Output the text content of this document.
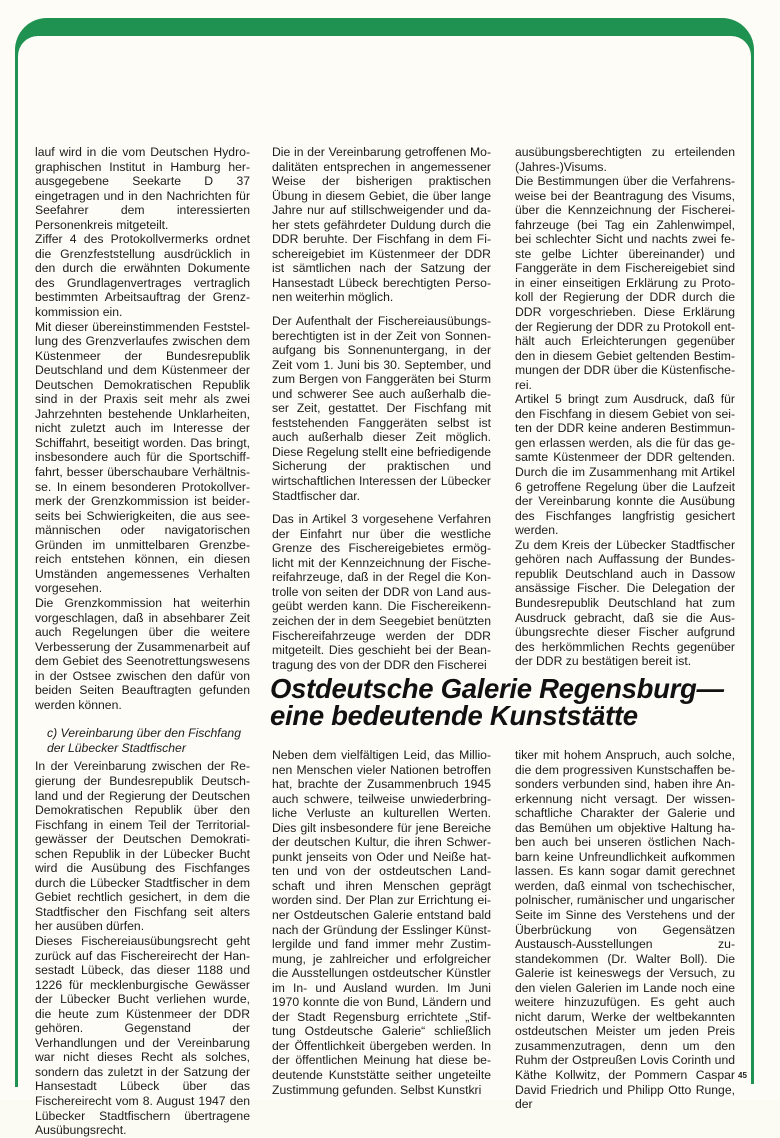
lauf wird in die vom Deutschen Hydrographischen Institut in Hamburg herausgegebene Seekarte D 37 eingetragen und in den Nachrichten für Seefahrer dem interessierten Personenkreis mitgeteilt.

Ziffer 4 des Protokollvermerks ordnet die Grenzfeststellung ausdrücklich in den durch die erwähnten Dokumente des Grundlagenvertrages vertraglich bestimmten Arbeitsauftrag der Grenzkommission ein.

Mit dieser übereinstimmenden Feststellung des Grenzverlaufes zwischen dem Küstenmeer der Bundesrepublik Deutschland und dem Küstenmeer der Deutschen Demokratischen Republik sind in der Praxis seit mehr als zwei Jahrzehnten bestehende Unklarheiten, nicht zuletzt auch im Interesse der Schiffahrt, beseitigt worden. Das bringt, insbesondere auch für die Sportschifffahrt, besser überschaubare Verhältnisse. In einem besonderen Protokollvermerk der Grenzkommission ist beiderseits bei Schwierigkeiten, die aus seemännischen oder navigatorischen Gründen im unmittelbaren Grenzbereich entstehen können, ein diesen Umständen angemessenes Verhalten vorgesehen.

Die Grenzkommission hat weiterhin vorgeschlagen, daß in absehbarer Zeit auch Regelungen über die weitere Verbesserung der Zusammenarbeit auf dem Gebiet des Seenotrettungswesens in der Ostsee zwischen den dafür von beiden Seiten Beauftragten gefunden werden können.

c) Vereinbarung über den Fischfang der Lübecker Stadtfischer

In der Vereinbarung zwischen der Regierung der Bundesrepublik Deutschland und der Regierung der Deutschen Demokratischen Republik über den Fischfang in einem Teil der Territorialgewässer der Deutschen Demokratischen Republik in der Lübecker Bucht wird die Ausübung des Fischfanges durch die Lübecker Stadtfischer in dem Gebiet rechtlich gesichert, in dem die Stadtfischer den Fischfang seit alters her ausüben dürfen.

Dieses Fischereiausübungsrecht geht zurück auf das Fischereirecht der Hansestadt Lübeck, das dieser 1188 und 1226 für mecklenburgische Gewässer der Lübecker Bucht verliehen wurde, die heute zum Küstenmeer der DDR gehören. Gegenstand der Verhandlungen und der Vereinbarung war nicht dieses Recht als solches, sondern das zuletzt in der Satzung der Hansestadt Lübeck über das Fischereirecht vom 8. August 1947 den Lübecker Stadtfischern übertragene Ausübungsrecht.

Die in der Vereinbarung getroffenen Modalitäten entsprechen in angemessener Weise der bisherigen praktischen Übung in diesem Gebiet, die über lange Jahre nur auf stillschweigender und daher stets gefährdeter Duldung durch die DDR beruhte. Der Fischfang in dem Fischereigebiet im Küstenmeer der DDR ist sämtlichen nach der Satzung der Hansestadt Lübeck berechtigten Personen weiterhin möglich.

Der Aufenthalt der Fischereiausübungsberechtigten ist in der Zeit von Sonnenaufgang bis Sonnenuntergang, in der Zeit vom 1. Juni bis 30. September, und zum Bergen von Fanggeräten bei Sturm und schwerer See auch außerhalb dieser Zeit, gestattet. Der Fischfang mit feststehenden Fanggeräten selbst ist auch außerhalb dieser Zeit möglich. Diese Regelung stellt eine befriedigende Sicherung der praktischen und wirtschaftlichen Interessen der Lübecker Stadtfischer dar.

Das in Artikel 3 vorgesehene Verfahren der Einfahrt nur über die westliche Grenze des Fischereigebietes ermöglicht mit der Kennzeichnung der Fischereifahrzeuge, daß in der Regel die Kontrolle von seiten der DDR von Land ausgeübt werden kann. Die Fischereikennzeichen der in dem Seegebiet benützten Fischereifahrzeuge werden der DDR mitgeteilt. Dies geschieht bei der Beantragung des von der DDR den Fischerei

ausübungsberechtigten zu erteilenden (Jahres-)Visums.

Die Bestimmungen über die Verfahrensweise bei der Beantragung des Visums, über die Kennzeichnung der Fischereifahrzeuge (bei Tag ein Zahlenwimpel, bei schlechter Sicht und nachts zwei feste gelbe Lichter übereinander) und Fanggeräte in dem Fischereigebiet sind in einer einseitigen Erklärung zu Protokoll der Regierung der DDR durch die DDR vorgeschrieben. Diese Erklärung der Regierung der DDR zu Protokoll enthält auch Erleichterungen gegenüber den in diesem Gebiet geltenden Bestimmungen der DDR über die Küstenfischerei.

Artikel 5 bringt zum Ausdruck, daß für den Fischfang in diesem Gebiet von seiten der DDR keine anderen Bestimmungen erlassen werden, als die für das gesamte Küstenmeer der DDR geltenden. Durch die im Zusammenhang mit Artikel 6 getroffene Regelung über die Laufzeit der Vereinbarung konnte die Ausübung des Fischfanges langfristig gesichert werden.

Zu dem Kreis der Lübecker Stadtfischer gehören nach Auffassung der Bundesrepublik Deutschland auch in Dassow ansässige Fischer. Die Delegation der Bundesrepublik Deutschland hat zum Ausdruck gebracht, daß sie die Ausübungsrechte dieser Fischer aufgrund des herkömmlichen Rechts gegenüber der DDR zu bestätigen bereit ist.

Ostdeutsche Galerie Regensburg—
eine bedeutende Kunststätte

Neben dem vielfältigen Leid, das Millionen Menschen vieler Nationen betroffen hat, brachte der Zusammenbruch 1945 auch schwere, teilweise unwiederbringliche Verluste an kulturellen Werten. Dies gilt insbesondere für jene Bereiche der deutschen Kultur, die ihren Schwerpunkt jenseits von Oder und Neiße hatten und von der ostdeutschen Landschaft und ihren Menschen geprägt worden sind. Der Plan zur Errichtung einer Ostdeutschen Galerie entstand bald nach der Gründung der Esslinger Künstlergilde und fand immer mehr Zustimmung, je zahlreicher und erfolgreicher die Ausstellungen ostdeutscher Künstler im In- und Ausland wurden. Im Juni 1970 konnte die von Bund, Ländern und der Stadt Regensburg errichtete „Stiftung Ostdeutsche Galerie“ schließlich der Öffentlichkeit übergeben werden. In der öffentlichen Meinung hat diese bedeutende Kunststätte seither ungeteilte Zustimmung gefunden. Selbst Kunstkri

tiker mit hohem Anspruch, auch solche, die dem progressiven Kunstschaffen besonders verbunden sind, haben ihre Anerkennung nicht versagt. Der wissenschaftliche Charakter der Galerie und das Bemühen um objektive Haltung haben auch bei unseren östlichen Nachbarn keine Unfreundlichkeit aufkommen lassen. Es kann sogar damit gerechnet werden, daß einmal von tschechischer, polnischer, rumänischer und ungarischer Seite im Sinne des Verstehens und der Überbrückung von Gegensätzen Austausch-Ausstellungen zustandekommen (Dr. Walter Boll). Die Galerie ist keineswegs der Versuch, zu den vielen Galerien im Lande noch eine weitere hinzuzufügen. Es geht auch nicht darum, Werke der weltbekannten ostdeutschen Meister um jeden Preis zusammenzutragen, denn um den Ruhm der Ostpreußen Lovis Corinth und Käthe Kollwitz, der Pommern Caspar David Friedrich und Philipp Otto Runge, der

45
